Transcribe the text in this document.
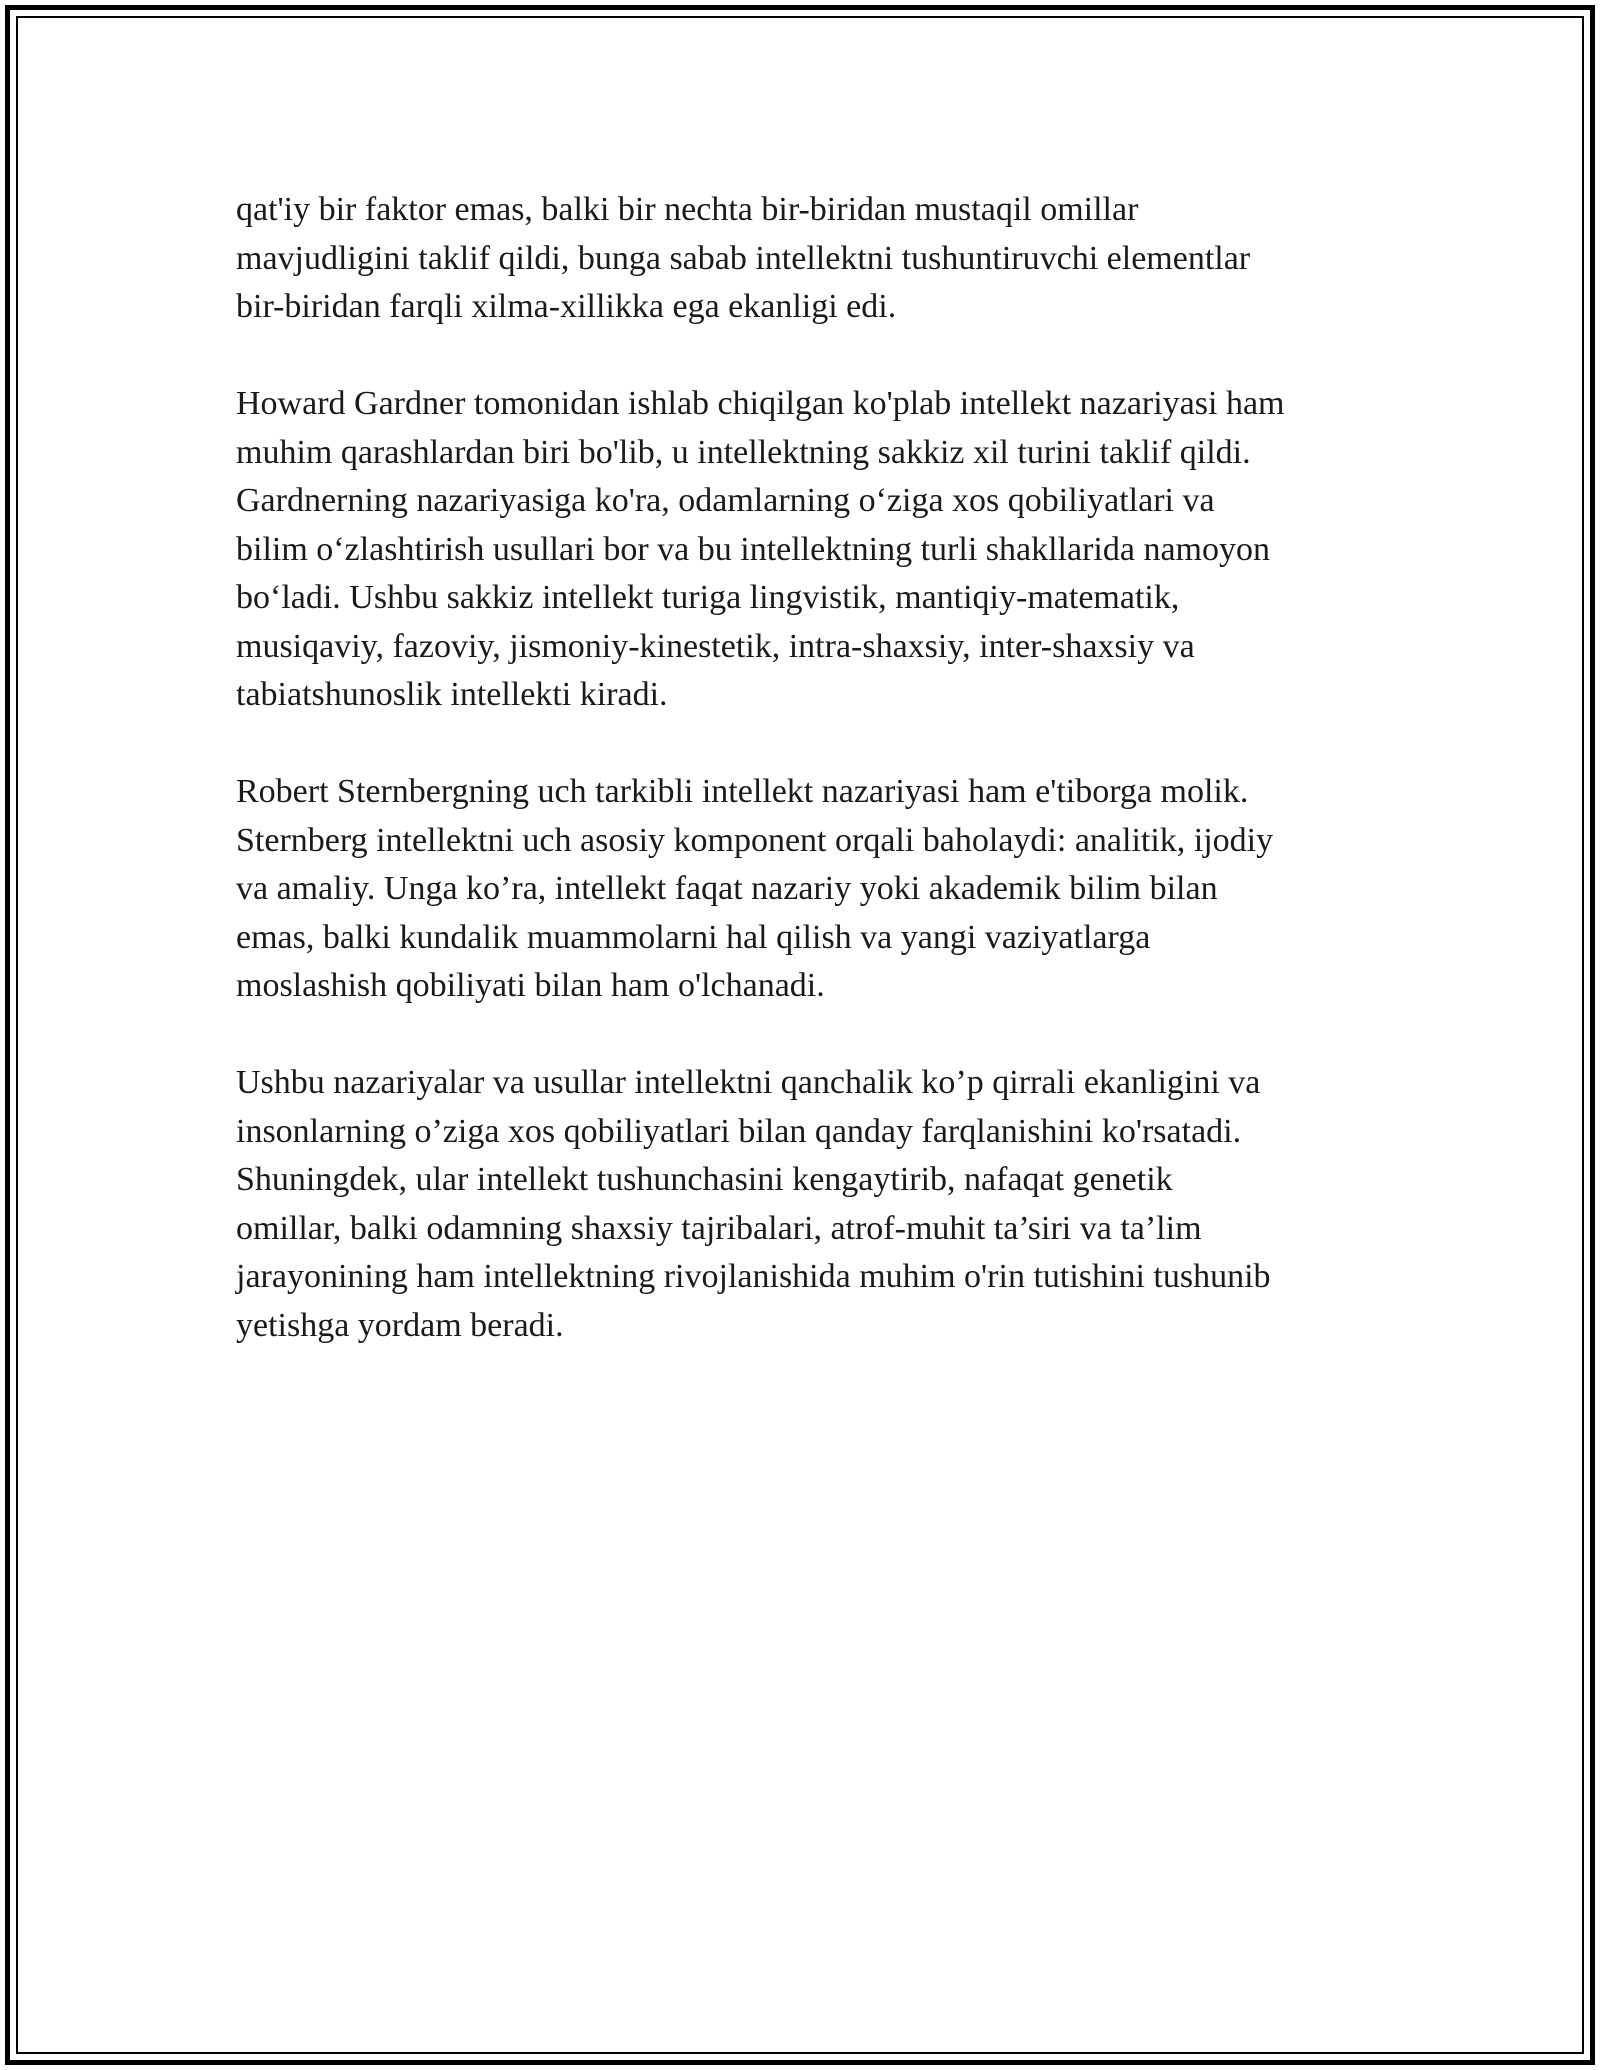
qat'iy bir faktor emas, balki bir nechta bir-biridan mustaqil omillar
mavjudligini taklif qildi, bunga sabab intellektni tushuntiruvchi elementlar
bir-biridan farqli xilma-xillikka ega ekanligi edi.

Howard Gardner tomonidan ishlab chiqilgan ko'plab intellekt nazariyasi ham
muhim qarashlardan biri bo'lib, u intellektning sakkiz xil turini taklif qildi.
Gardnerning nazariyasiga ko'ra, odamlarning o‘ziga xos qobiliyatlari va
bilim o‘zlashtirish usullari bor va bu intellektning turli shakllarida namoyon
bo‘ladi. Ushbu sakkiz intellekt turiga lingvistik, mantiqiy-matematik,
musiqaviy, fazoviy, jismoniy-kinestetik, intra-shaxsiy, inter-shaxsiy va
tabiatshunoslik intellekti kiradi.

Robert Sternbergning uch tarkibli intellekt nazariyasi ham e'tiborga molik.
Sternberg intellektni uch asosiy komponent orqali baholaydi: analitik, ijodiy
va amaliy. Unga ko’ra, intellekt faqat nazariy yoki akademik bilim bilan
emas, balki kundalik muammolarni hal qilish va yangi vaziyatlarga
moslashish qobiliyati bilan ham o'lchanadi.

Ushbu nazariyalar va usullar intellektni qanchalik ko’p qirrali ekanligini va
insonlarning o’ziga xos qobiliyatlari bilan qanday farqlanishini ko'rsatadi.
Shuningdek, ular intellekt tushunchasini kengaytirib, nafaqat genetik
omillar, balki odamning shaxsiy tajribalari, atrof-muhit ta’siri va ta’lim
jarayonining ham intellektning rivojlanishida muhim o'rin tutishini tushunib
yetishga yordam beradi.
